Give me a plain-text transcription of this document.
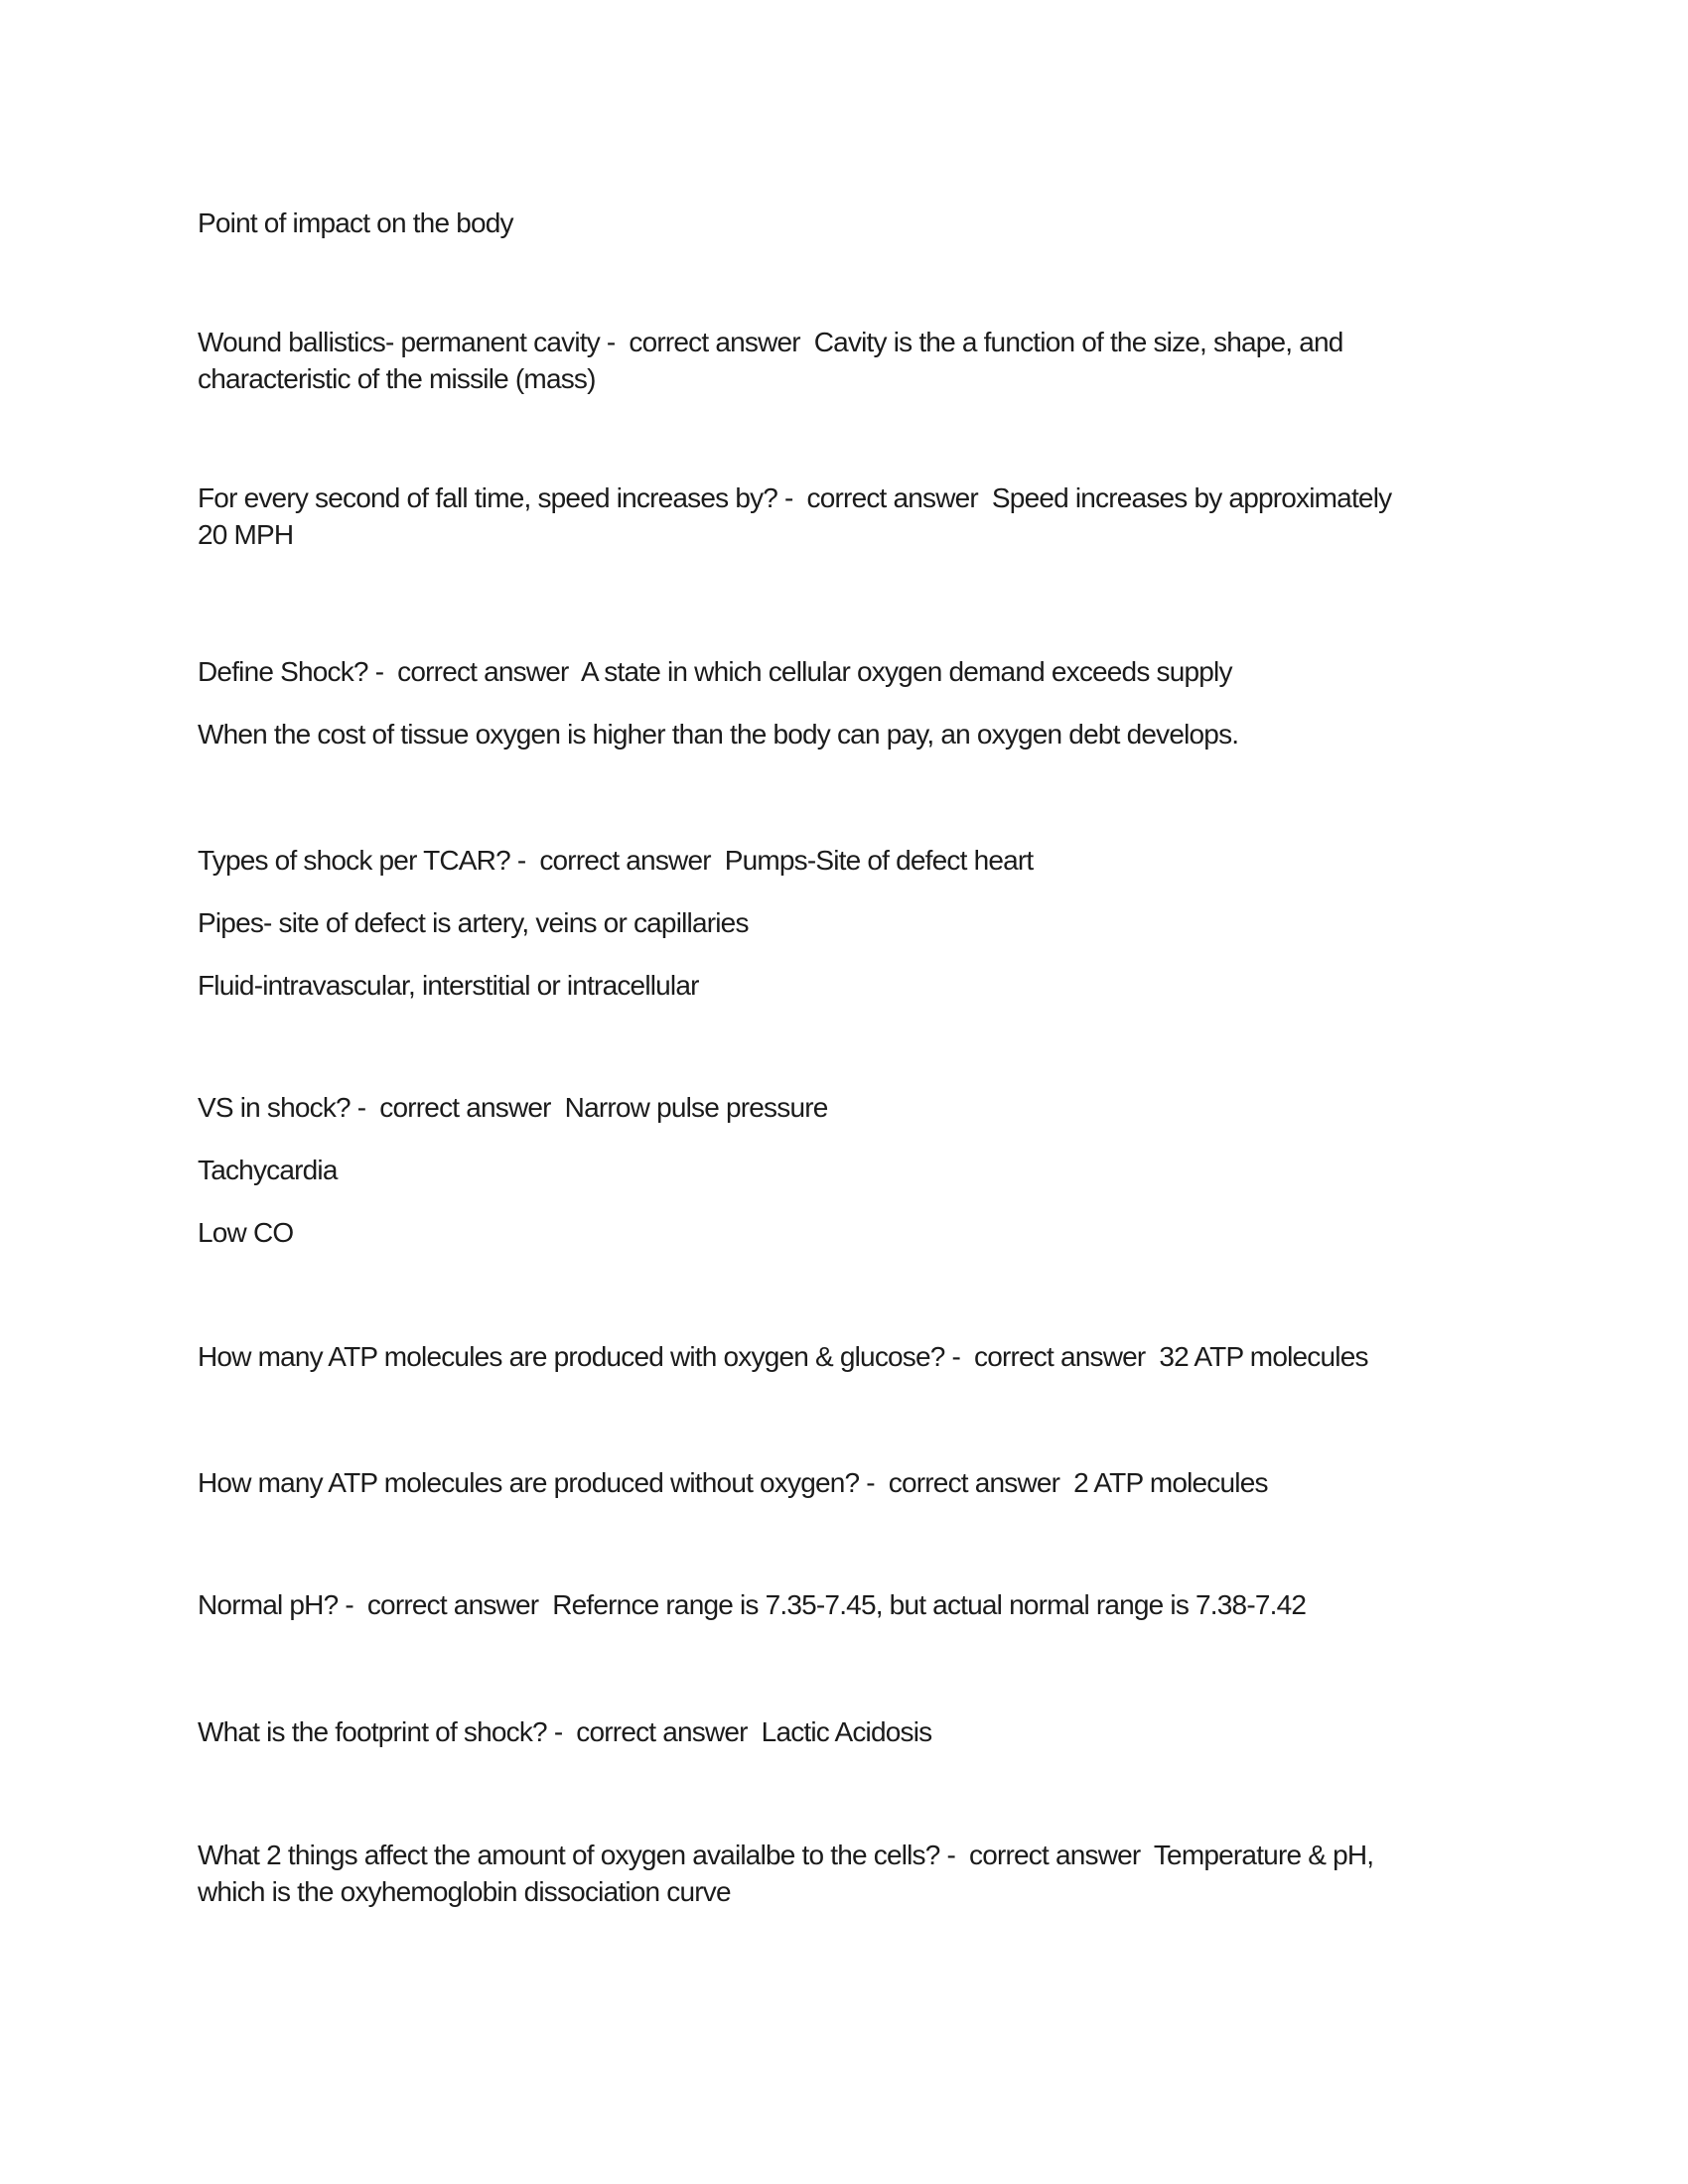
Point of impact on the body
Wound ballistics- permanent cavity -  correct answer  Cavity is the a function of the size, shape, and
characteristic of the missile (mass)
For every second of fall time, speed increases by? -  correct answer  Speed increases by approximately
20 MPH
Define Shock? -  correct answer  A state in which cellular oxygen demand exceeds supply
When the cost of tissue oxygen is higher than the body can pay, an oxygen debt develops.
Types of shock per TCAR? -  correct answer  Pumps-Site of defect heart
Pipes- site of defect is artery, veins or capillaries
Fluid-intravascular, interstitial or intracellular
VS in shock? -  correct answer  Narrow pulse pressure
Tachycardia
Low CO
How many ATP molecules are produced with oxygen & glucose? -  correct answer  32 ATP molecules
How many ATP molecules are produced without oxygen? -  correct answer  2 ATP molecules
Normal pH? -  correct answer  Refernce range is 7.35-7.45, but actual normal range is 7.38-7.42
What is the footprint of shock? -  correct answer  Lactic Acidosis
What 2 things affect the amount of oxygen availalbe to the cells? -  correct answer  Temperature & pH,
which is the oxyhemoglobin dissociation curve
